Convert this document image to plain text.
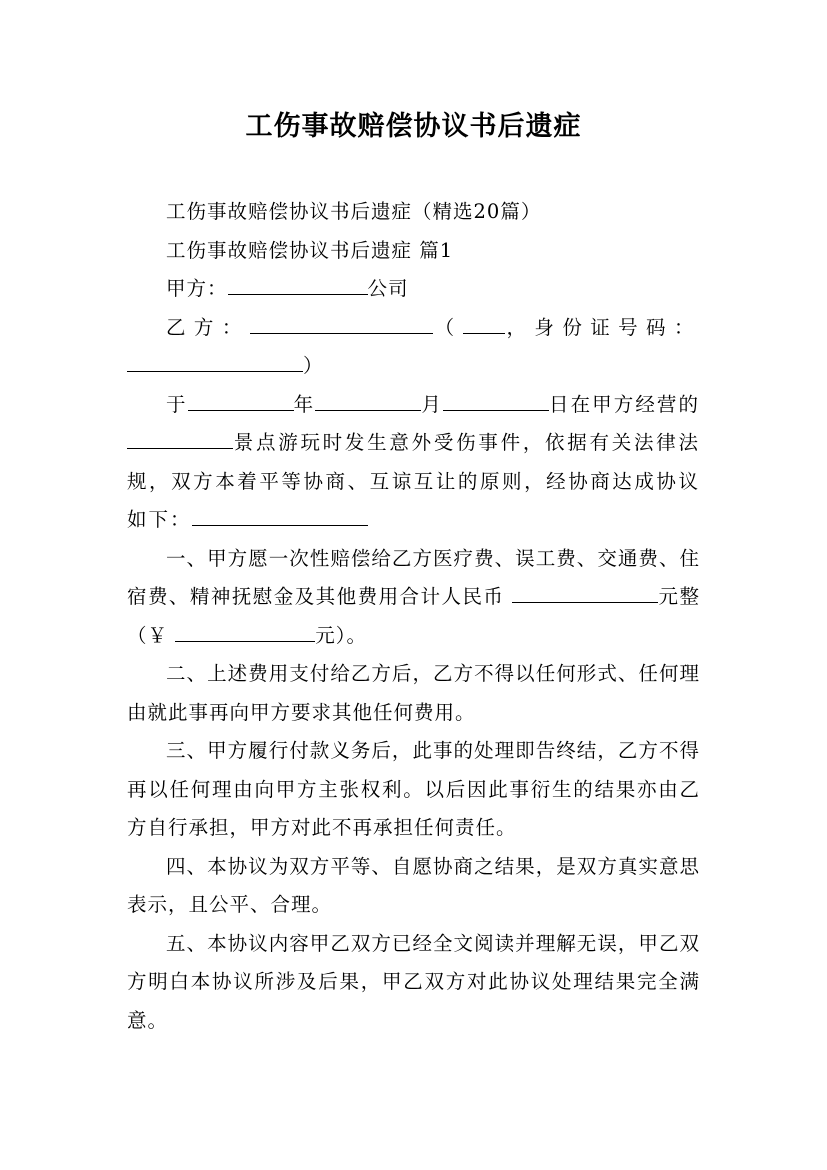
工伤事故赔偿协议书后遗症

工伤事故赔偿协议书后遗症（精选20篇）

工伤事故赔偿协议书后遗症 篇1

甲方：	公司

乙方：	（ ，身份证号码：）

于	年	月	日在甲方经营的景点游玩时发生意外受伤事件，依据有关法律法规，双方本着平等协商、互谅互让的原则，经协商达成协议如下：

一、甲方愿一次性赔偿给乙方医疗费、误工费、交通费、住宿费、精神抚慰金及其他费用合计人民币	元整（￥	元）。

二、上述费用支付给乙方后，乙方不得以任何形式、任何理由就此事再向甲方要求其他任何费用。

三、甲方履行付款义务后，此事的处理即告终结，乙方不得再以任何理由向甲方主张权利。以后因此事衍生的结果亦由乙方自行承担，甲方对此不再承担任何责任。

四、本协议为双方平等、自愿协商之结果，是双方真实意思表示，且公平、合理。

五、本协议内容甲乙双方已经全文阅读并理解无误，甲乙双方明白本协议所涉及后果，甲乙双方对此协议处理结果完全满意。
